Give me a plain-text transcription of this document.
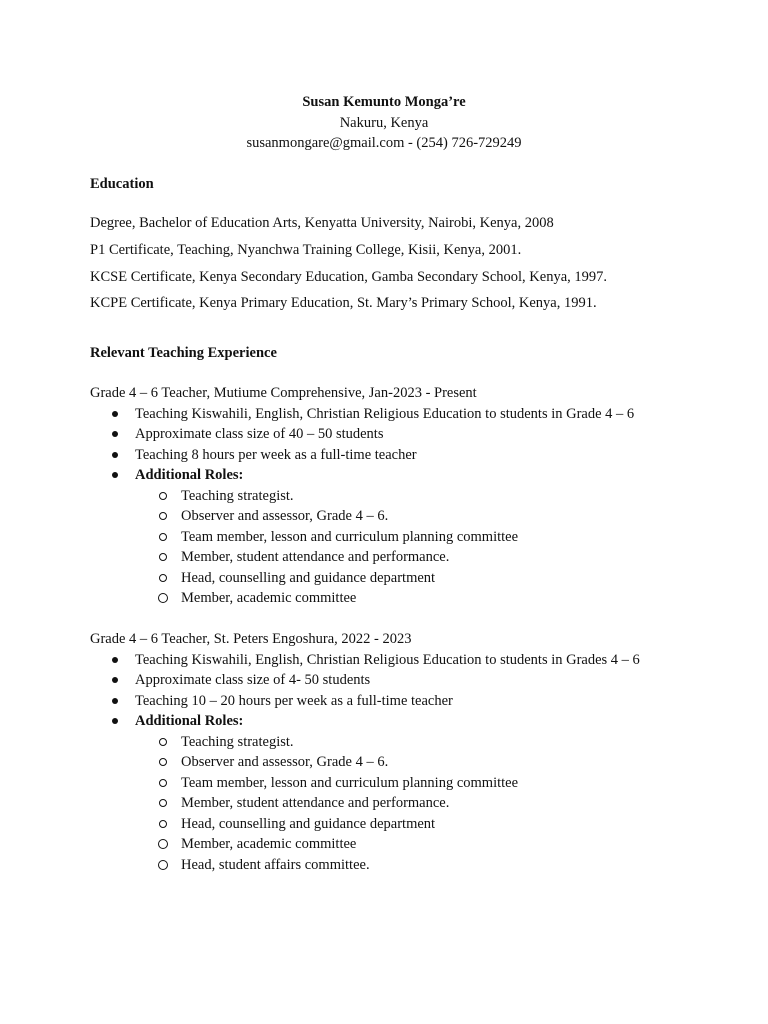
Susan Kemunto Monga’re
Nakuru, Kenya
susanmongare@gmail.com - (254) 726-729249
Education
Degree, Bachelor of Education Arts, Kenyatta University, Nairobi, Kenya, 2008
P1 Certificate, Teaching, Nyanchwa Training College, Kisii, Kenya, 2001.
KCSE Certificate, Kenya Secondary Education, Gamba Secondary School, Kenya, 1997.
KCPE Certificate, Kenya Primary Education, St. Mary’s Primary School, Kenya, 1991.
Relevant Teaching Experience
Grade 4 – 6 Teacher, Mutiume Comprehensive, Jan-2023 - Present
Teaching Kiswahili, English, Christian Religious Education to students in Grade 4 – 6
Approximate class size of 40 – 50 students
Teaching 8 hours per week as a full-time teacher
Additional Roles:
Teaching strategist.
Observer and assessor, Grade 4 – 6.
Team member, lesson and curriculum planning committee
Member, student attendance and performance.
Head, counselling and guidance department
Member, academic committee
Grade 4 – 6 Teacher, St. Peters Engoshura, 2022 - 2023
Teaching Kiswahili, English, Christian Religious Education to students in Grades 4 – 6
Approximate class size of 4- 50 students
Teaching 10 – 20 hours per week as a full-time teacher
Additional Roles:
Teaching strategist.
Observer and assessor, Grade 4 – 6.
Team member, lesson and curriculum planning committee
Member, student attendance and performance.
Head, counselling and guidance department
Member, academic committee
Head, student affairs committee.
